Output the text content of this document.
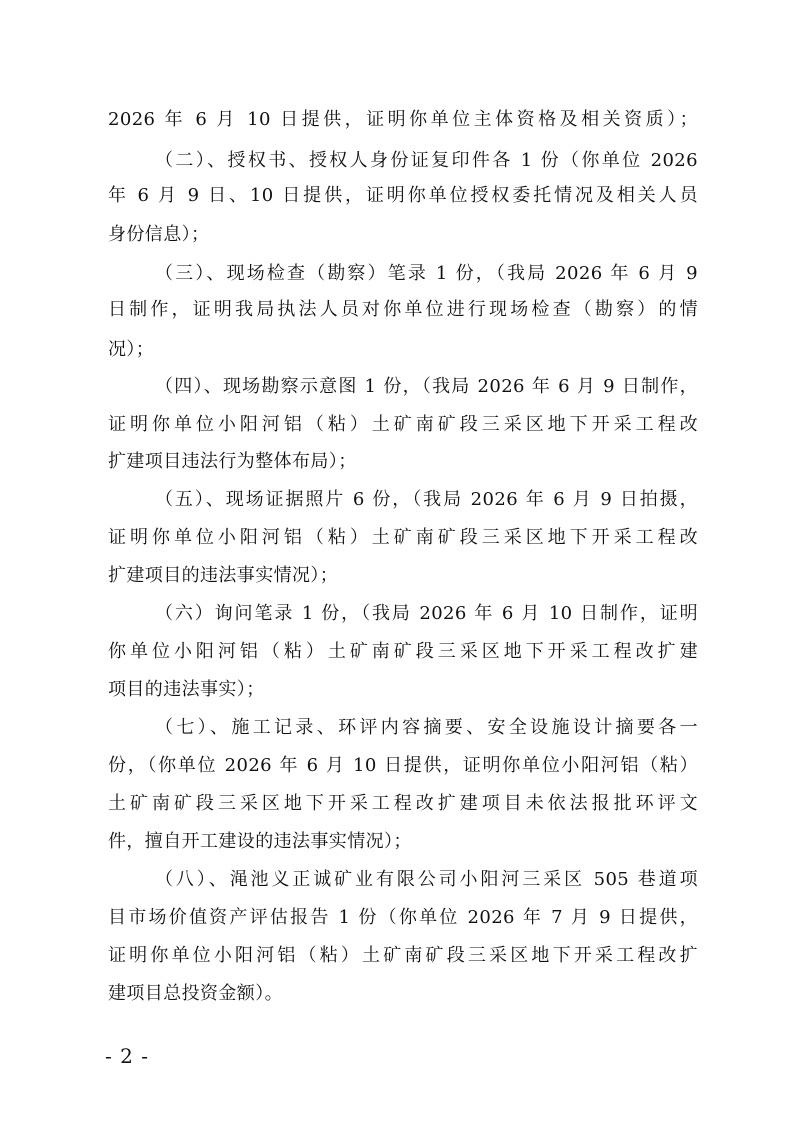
2026 年 6 月 10 日提供，证明你单位主体资格及相关资质）；
（二）、授权书、授权人身份证复印件各 1 份（你单位 2026
年 6 月 9 日、10 日提供，证明你单位授权委托情况及相关人员
身份信息）；
（三）、现场检查（勘察）笔录 1 份，（我局 2026 年 6 月 9
日制作，证明我局执法人员对你单位进行现场检查（勘察）的情
况）；
（四）、现场勘察示意图 1 份，（我局 2026 年 6 月 9 日制作，
证明你单位小阳河铝（粘）土矿南矿段三采区地下开采工程改
扩建项目违法行为整体布局）；
（五）、现场证据照片 6 份，（我局 2026 年 6 月 9 日拍摄，
证明你单位小阳河铝（粘）土矿南矿段三采区地下开采工程改
扩建项目的违法事实情况）；
（六）询问笔录 1 份，（我局 2026 年 6 月 10 日制作，证明
你单位小阳河铝（粘）土矿南矿段三采区地下开采工程改扩建
项目的违法事实）；
（七）、施工记录、环评内容摘要、安全设施设计摘要各一
份，（你单位 2026 年 6 月 10 日提供，证明你单位小阳河铝（粘）
土矿南矿段三采区地下开采工程改扩建项目未依法报批环评文
件，擅自开工建设的违法事实情况）；
（八）、渑池义正诚矿业有限公司小阳河三采区 505 巷道项
目市场价值资产评估报告 1 份（你单位 2026 年 7 月 9 日提供，
证明你单位小阳河铝（粘）土矿南矿段三采区地下开采工程改扩
建项目总投资金额）。
- 2 -
